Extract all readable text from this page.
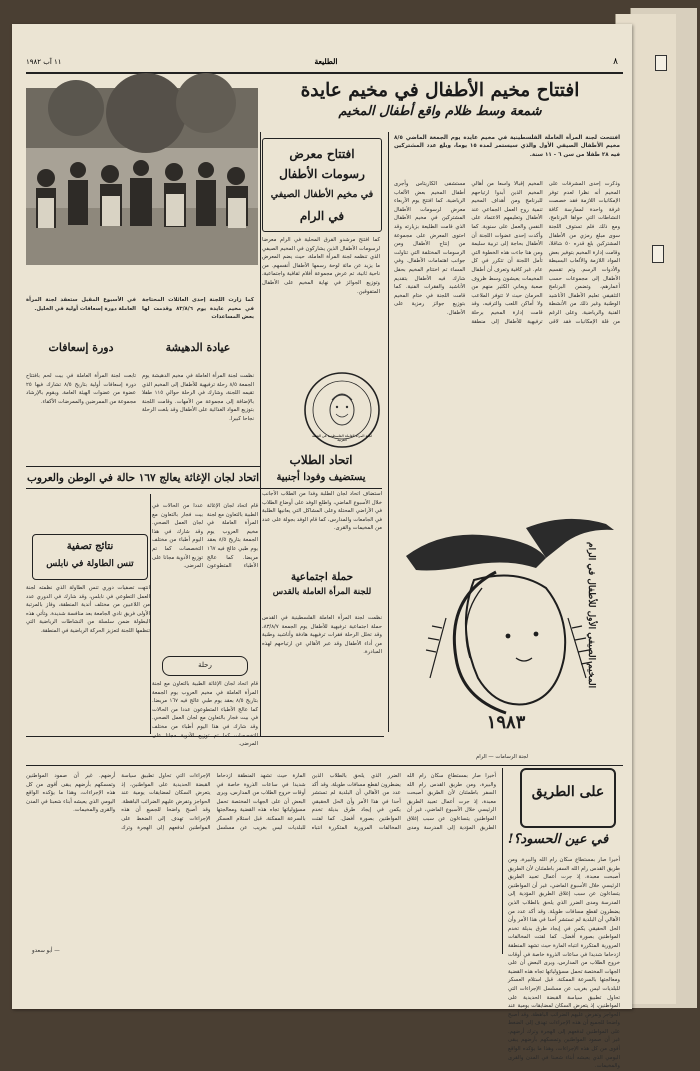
٨
الطليعة
١١ آب ١٩٨٢
افتتاح مخيم الأطفال في مخيم عايدة
شمعة وسط ظلام واقع أطفال المخيم
افتتحت لجنة المرأة العاملة الفلسطينية في مخيم عايدة يوم الجمعة الماضي ٨/٥ مخيم الأطفال الصيفي الأول والذي سيستمر لمدة ١٥ يوما، وبلغ عدد المشتركين فيه ٢٨ طفلا من سن ٦ - ١١ سنة.
افتتاح معرض
رسومات الأطفال
في مخيم الأطفال الصيفي
في الرام
كما افتتح مرشدو الفرق المحلية في الرام معرضا لرسومات الأطفال الذين يشاركون في المخيم الصيفي الذي تنظمه لجنة المرأة العاملة، حيث يضم المعرض ما يزيد عن مائة لوحة رسمها الأطفال أنفسهم. من ناحية ثانية، تم عرض مجموعة أفلام ثقافية واجتماعية، وتوزيع الجوائز في نهاية المخيم على الأطفال المتفوقين.
وذكرت إحدى المشرفات على المخيم أنه نظرا لعدم توفر الإمكانيات اللازمة فقد خصصت غرفة واحدة لممارسة كافة النشاطات التي حواها البرنامج، ومع ذلك فلم تستوف اللجنة سوى مبلغ رمزي من الأطفال المشتركين بلغ قدره ٥٠ شاقلا، وقامت إدارة المخيم بتوفير بعض المواد اللازمة والألعاب البسيطة والأدوات الرسم. وتم تقسيم الأطفال إلى مجموعات حسب أعمارهم، وتضمن البرنامج التثقيفي تعليم الأطفال الأناشيد الوطنية وغير ذلك من الأنشطة الفنية والرياضية. وعلى الرغم من قلة الإمكانيات فقد لاقى المخيم إقبالا واسعا من أهالي المخيم الذين أبدوا ارتياحهم للبرنامج ومن أهداف المخيم تنمية روح العمل الجماعي عند الأطفال وتعليمهم الاعتماد على النفس والعمل على سنوية. كما وأكدت إحدى عضوات اللجنة أن الأطفال بحاجة إلى تربية سليمة ومن هنا جاءت هذه الخطوة التي تأمل اللجنة أن تتكرر في كل عام. غير كافية وتعرف أن أطفال المخيمات يعيشون وسط ظروف صعبة ويعاني الكثير منهم من الحرمان حيث لا تتوفر الملاعب ولا أماكن اللعب والترفيه، وقد قامت إدارة المخيم برحلة ترفيهية للأطفال إلى منطقة مستشفى الكاريتاس وأجرى أطفال المخيم بعض الألعاب الرياضية. كما افتتح يوم الأربعاء معرض لرسومات الأطفال المشتركين في مخيم الأطفال الذي قامت الطليعة بزيارته وقد احتوى المعرض على مجموعة من إنتاج الأطفال ومن الرسومات المختلفة التي تناولت جوانب اهتمامات الأطفال. وفي المساء تم اختتام المخيم بحفل شارك فيه الأطفال بتقديم الأناشيد والفقرات الفنية. كما قامت اللجنة في ختام المخيم بتوزيع جوائز رمزية على الأطفال.
كما زارت اللجنة إحدى العائلات المحتاجة في مخيم عايدة يوم ٨٣/٨/٦ وقدمت لها بعض المساعدات
في الأسبوع المقبل ستعقد لجنة المرأة العاملة دورة إسعافات أولية في الخليل.
دورة إسعافات
تابعت لجنة المرأة العاملة في بيت لحم بافتتاح دورة إسعافات أولية بتاريخ ٨/٥ تشارك فيها ٢٥ عضوة من عضوات الهيئة العامة. ويقوم بالإرشاد مجموعة من الممرضين والممرضات الأكفاء.
عيادة الدهيشة
نظمت لجنة المرأة العاملة في مخيم الدهيشة يوم الجمعة ٨/٥ رحلة ترفيهية للأطفال إلى المخيم الذي تقيمه اللجنة، وشارك في الرحلة حوالي ١١٥ طفلا بالإضافة إلى مجموعة من الأمهات. وقامت اللجنة بتوزيع المواد الغذائية على الأطفال وقد بلغت الرحلة نجاحا كبيرا.
لجنة المرأة العاملة الفلسطينية في الضفة الغربية
اتحاد الطلاب
يستضيف وفودا أجنبية
اتحاد لجان الإغاثة يعالج ١٦٧ حالة في الوطن والعروب
استضاف اتحاد لجان الطلبة وفدا من الطلاب الأجانب خلال الأسبوع الماضي، واطلع الوفد على أوضاع الطلاب في الأراضي المحتلة وعلى المشاكل التي يعانيها الطلبة في الجامعات والمدارس، كما قام الوفد بجولة على عدد من المخيمات والقرى.
حملة اجتماعية
للجنة المرأة العاملة بالقدس
نظمت لجنة المرأة العاملة الفلسطينية في القدس حملة اجتماعية ترفيهية للأطفال يوم الجمعة ٨٣/٨/٧، وقد تخلل الرحلة فقرات ترفيهية هادفة وأناشيد وطنية من أداء الأطفال وقد عبر الأهالي عن ارتياحهم لهذه المبادرة.
نتائج تصفية
تنس الطاولة في نابلس
انتهت تصفيات دوري تنس الطاولة الذي نظمته لجنة العمل التطوعي في نابلس، وقد شارك في الدوري عدد من اللاعبين من مختلف أندية المنطقة، وفاز بالمرتبة الأولى فريق نادي الجامعة بعد منافسة شديدة. وتأتي هذه البطولة ضمن سلسلة من النشاطات الرياضية التي تنظمها اللجنة لتعزيز الحركة الرياضية في المنطقة.
قام اتحاد لجان الإغاثة الطبية بالتعاون مع لجنة المرأة العاملة في مخيم العروب يوم الجمعة بتاريخ ٨/٥ بعقد يوم طبي عالج فيه ١٦٧ مريضا. كما عالج الأطباء المتطوعون عددا من الحالات في بيت فجار بالتعاون مع لجان العمل الصحي. وقد شارك في هذا اليوم أطباء من مختلف التخصصات كما تم توزيع الأدوية مجانا على المرضى.
رحلة
قام اتحاد لجان الإغاثة الطبية بالتعاون مع لجنة المرأة العاملة في مخيم العروب يوم الجمعة بتاريخ ٨/٥ بعقد يوم طبي عالج فيه ١٦٧ مريضا. كما عالج الأطباء المتطوعون عددا من الحالات في بيت فجار بالتعاون مع لجان العمل الصحي. وقد شارك في هذا اليوم أطباء من مختلف المرضى.
المخيم الصيفي الأول للأطفال في الرام
١٩٨٣
لجنة الرسامات — الرام
على الطريق
في عين الحسود؟!
أخيرا صار بمستطاع سكان رام الله والبيرة، ومن طريق القدس رام الله السفر باطمئنان لأن الطريق أصبحت معبدة، إذ جرت أعمال تعبيد الطريق الرئيسي خلال الأسبوع الماضي، غير أن المواطنين يتساءلون عن سبب إغلاق الطريق المؤدية إلى المدرسة ومدى الضرر الذي يلحق بالطلاب الذين يضطرون لقطع مسافات طويلة. وقد أكد عدد من الأهالي أن البلدية لم تستشر أحدا في هذا الأمر وأن الحل الحقيقي يكمن في إيجاد طرق بديلة تخدم المواطنين بصورة أفضل. كما لفتت المخالفات المرورية المتكررة انتباه المارة حيث تشهد المنطقة ازدحاما شديدا في ساعات الذروة خاصة في أوقات خروج الطلاب من المدارس، ويرى البعض أن على الجهات المختصة تحمل مسؤولياتها تجاه هذه القضية ومعالجتها بالسرعة الممكنة. قبل استلام العسكر للبلديات ليس بغريب عن مسلسل الإجراءات التي تحاول تطبيق سياسة القبضة الحديدية على المواطنين، إذ يتعرض السكان لمضايقات يومية عند الحواجز وتفرض عليهم الضرائب الباهظة. وقد أصبح واضحا للجميع أن هذه الإجراءات تهدف إلى الضغط على المواطنين لدفعهم إلى الهجرة وترك أرضهم. غير أن صمود المواطنين وتمسكهم بأرضهم يبقى أقوى من كل هذه الإجراءات، وهذا ما يؤكده الواقع اليومي الذي يعيشه أبناء شعبنا في المدن والقرى والمخيمات.
أخيرا صار بمستطاع سكان رام الله والبيرة، ومن طريق القدس رام الله السفر باطمئنان لأن الطريق أصبحت معبدة، إذ جرت أعمال تعبيد الطريق الرئيسي خلال الأسبوع الماضي، غير أن المواطنين يتساءلون عن سبب إغلاق الطريق المؤدية إلى المدرسة ومدى الضرر الذي يلحق بالطلاب الذين يضطرون لقطع مسافات طويلة. وقد أكد عدد من الأهالي أن البلدية لم تستشر أحدا في هذا الأمر وأن الحل الحقيقي يكمن في إيجاد طرق بديلة تخدم المواطنين بصورة أفضل. كما لفتت المخالفات المرورية المتكررة انتباه المارة حيث تشهد المنطقة ازدحاما شديدا في ساعات الذروة خاصة في أوقات خروج الطلاب من المدارس، ويرى البعض أن على الجهات المختصة تحمل مسؤولياتها تجاه هذه القضية ومعالجتها بالسرعة الممكنة. قبل استلام العسكر للبلديات ليس بغريب عن مسلسل الإجراءات التي تحاول تطبيق سياسة القبضة الحديدية على المواطنين، إذ يتعرض السكان لمضايقات يومية عند الحواجز وتفرض عليهم الضرائب الباهظة. وقد أصبح واضحا للجميع أن هذه الإجراءات تهدف إلى الضغط على المواطنين لدفعهم إلى الهجرة وترك أرضهم. غير أن صمود المواطنين وتمسكهم بأرضهم يبقى أقوى من كل هذه الإجراءات، وهذا ما يؤكده الواقع اليومي الذي يعيشه أبناء شعبنا في المدن والقرى والمخيمات.
— أبو سعدو
